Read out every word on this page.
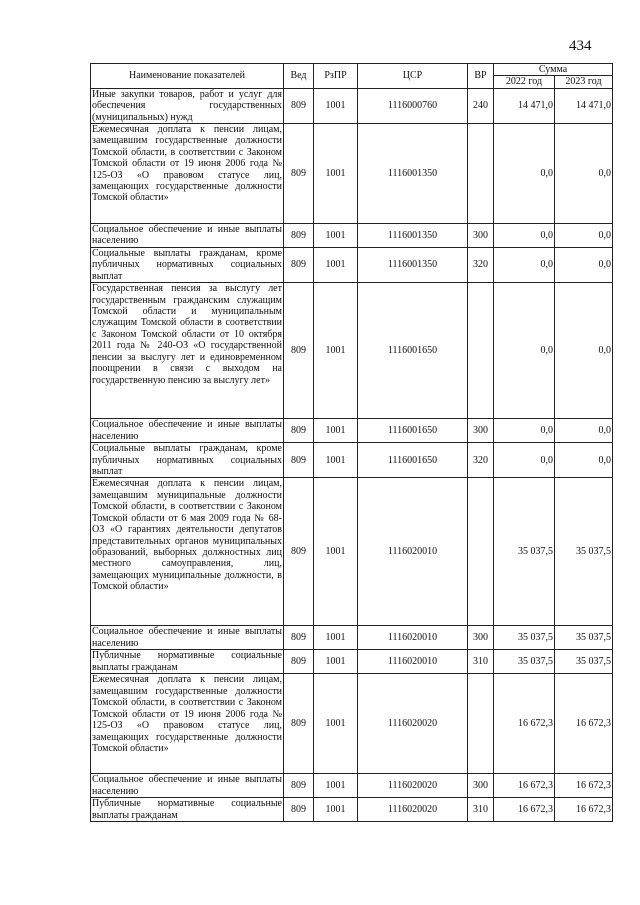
434
Наименование показателей	Вед	РзПР	ЦСР	ВР	Сумма	
					2022 год	2023 год
Иные закупки товаров, работ и услуг для обеспечения государственных (муниципальных) нужд	809	1001	1116000760	240	14 471,0	14 471,0
Ежемесячная доплата к пенсии лицам, замещавшим государственные должности Томской области, в соответствии с Законом Томской области от 19 июня 2006 года № 125-ОЗ «О правовом статусе лиц, замещающих государственные должности Томской области»	809	1001	1116001350		0,0	0,0
Социальное обеспечение и иные выплаты населению	809	1001	1116001350	300	0,0	0,0
Социальные выплаты гражданам, кроме публичных нормативных социальных выплат	809	1001	1116001350	320	0,0	0,0
Государственная пенсия за выслугу лет государственным гражданским служащим Томской области и муниципальным служащим Томской области в соответствии с Законом Томской области от 10 октября 2011 года № 240-ОЗ «О государственной пенсии за выслугу лет и единовременном поощрении в связи с выходом на государственную пенсию за выслугу лет»	809	1001	1116001650		0,0	0,0
Социальное обеспечение и иные выплаты населению	809	1001	1116001650	300	0,0	0,0
Социальные выплаты гражданам, кроме публичных нормативных социальных выплат	809	1001	1116001650	320	0,0	0,0
Ежемесячная доплата к пенсии лицам, замещавшим муниципальные должности Томской области, в соответствии с Законом Томской области от 6 мая 2009 года № 68-ОЗ «О гарантиях деятельности депутатов представительных органов муниципальных образований, выборных должностных лиц местного самоуправления, лиц, замещающих муниципальные должности, в Томской области»	809	1001	1116020010		35 037,5	35 037,5
Социальное обеспечение и иные выплаты населению	809	1001	1116020010	300	35 037,5	35 037,5
Публичные нормативные социальные выплаты гражданам	809	1001	1116020010	310	35 037,5	35 037,5
Ежемесячная доплата к пенсии лицам, замещавшим государственные должности Томской области, в соответствии с Законом Томской области от 19 июня 2006 года № 125-ОЗ «О правовом статусе лиц, замещающих государственные должности Томской области»	809	1001	1116020020		16 672,3	16 672,3
Социальное обеспечение и иные выплаты населению	809	1001	1116020020	300	16 672,3	16 672,3
Публичные нормативные социальные выплаты гражданам	809	1001	1116020020	310	16 672,3	16 672,3
